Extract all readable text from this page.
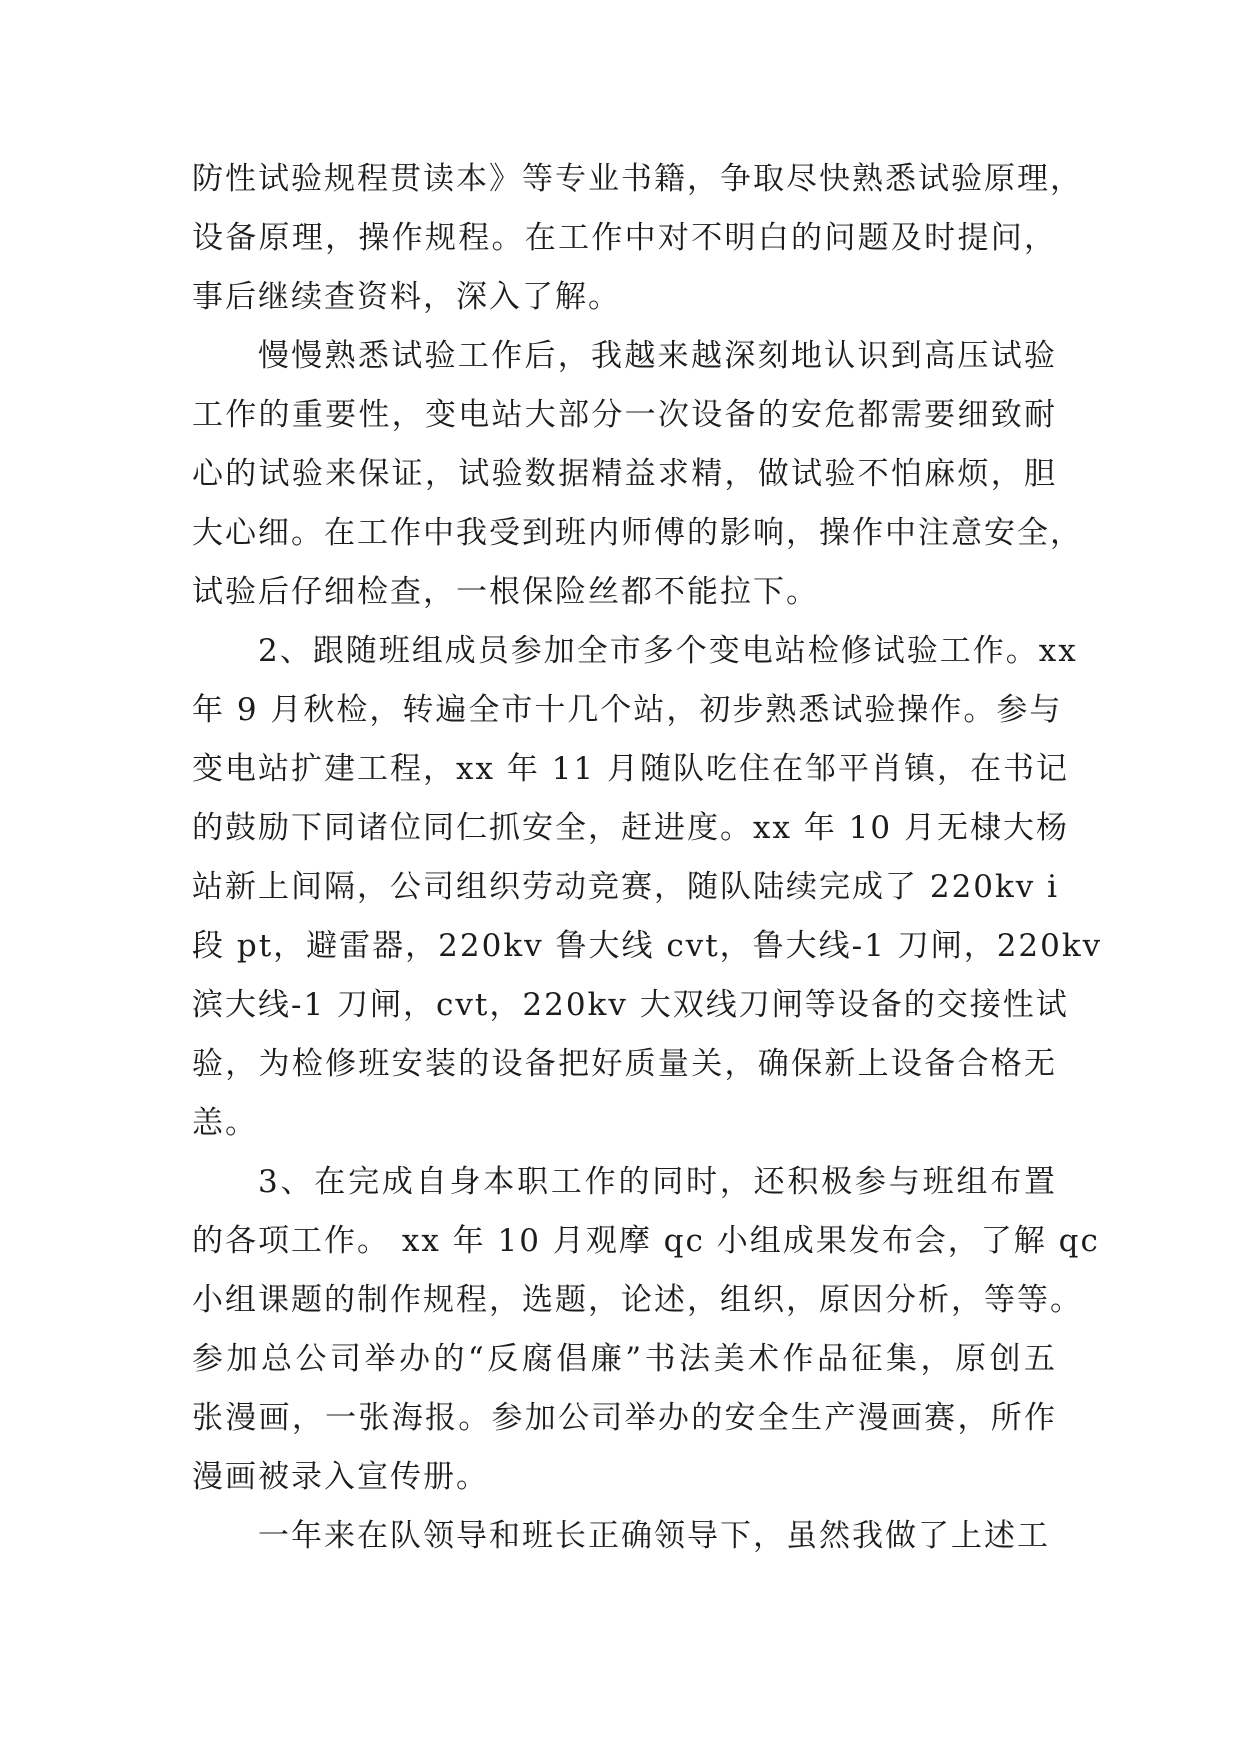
防性试验规程贯读本》等专业书籍，争取尽快熟悉试验原理，
设备原理，操作规程。在工作中对不明白的问题及时提问，
事后继续查资料，深入了解。
慢慢熟悉试验工作后，我越来越深刻地认识到高压试验
工作的重要性，变电站大部分一次设备的安危都需要细致耐
心的试验来保证，试验数据精益求精，做试验不怕麻烦，胆
大心细。在工作中我受到班内师傅的影响，操作中注意安全，
试验后仔细检查，一根保险丝都不能拉下。
2、跟随班组成员参加全市多个变电站检修试验工作。xx
年 9 月秋检，转遍全市十几个站，初步熟悉试验操作。参与
变电站扩建工程，xx 年 11 月随队吃住在邹平肖镇，在书记
的鼓励下同诸位同仁抓安全，赶进度。xx 年 10 月无棣大杨
站新上间隔，公司组织劳动竞赛，随队陆续完成了 220kv i
段 pt，避雷器，220kv 鲁大线 cvt，鲁大线-1 刀闸，220kv
滨大线-1 刀闸，cvt，220kv 大双线刀闸等设备的交接性试
验，为检修班安装的设备把好质量关，确保新上设备合格无
恙。
3、在完成自身本职工作的同时，还积极参与班组布置
的各项工作。 xx 年 10 月观摩 qc 小组成果发布会，了解 qc
小组课题的制作规程，选题，论述，组织，原因分析，等等。
参加总公司举办的“反腐倡廉”书法美术作品征集，原创五
张漫画，一张海报。参加公司举办的安全生产漫画赛，所作
漫画被录入宣传册。
一年来在队领导和班长正确领导下，虽然我做了上述工
